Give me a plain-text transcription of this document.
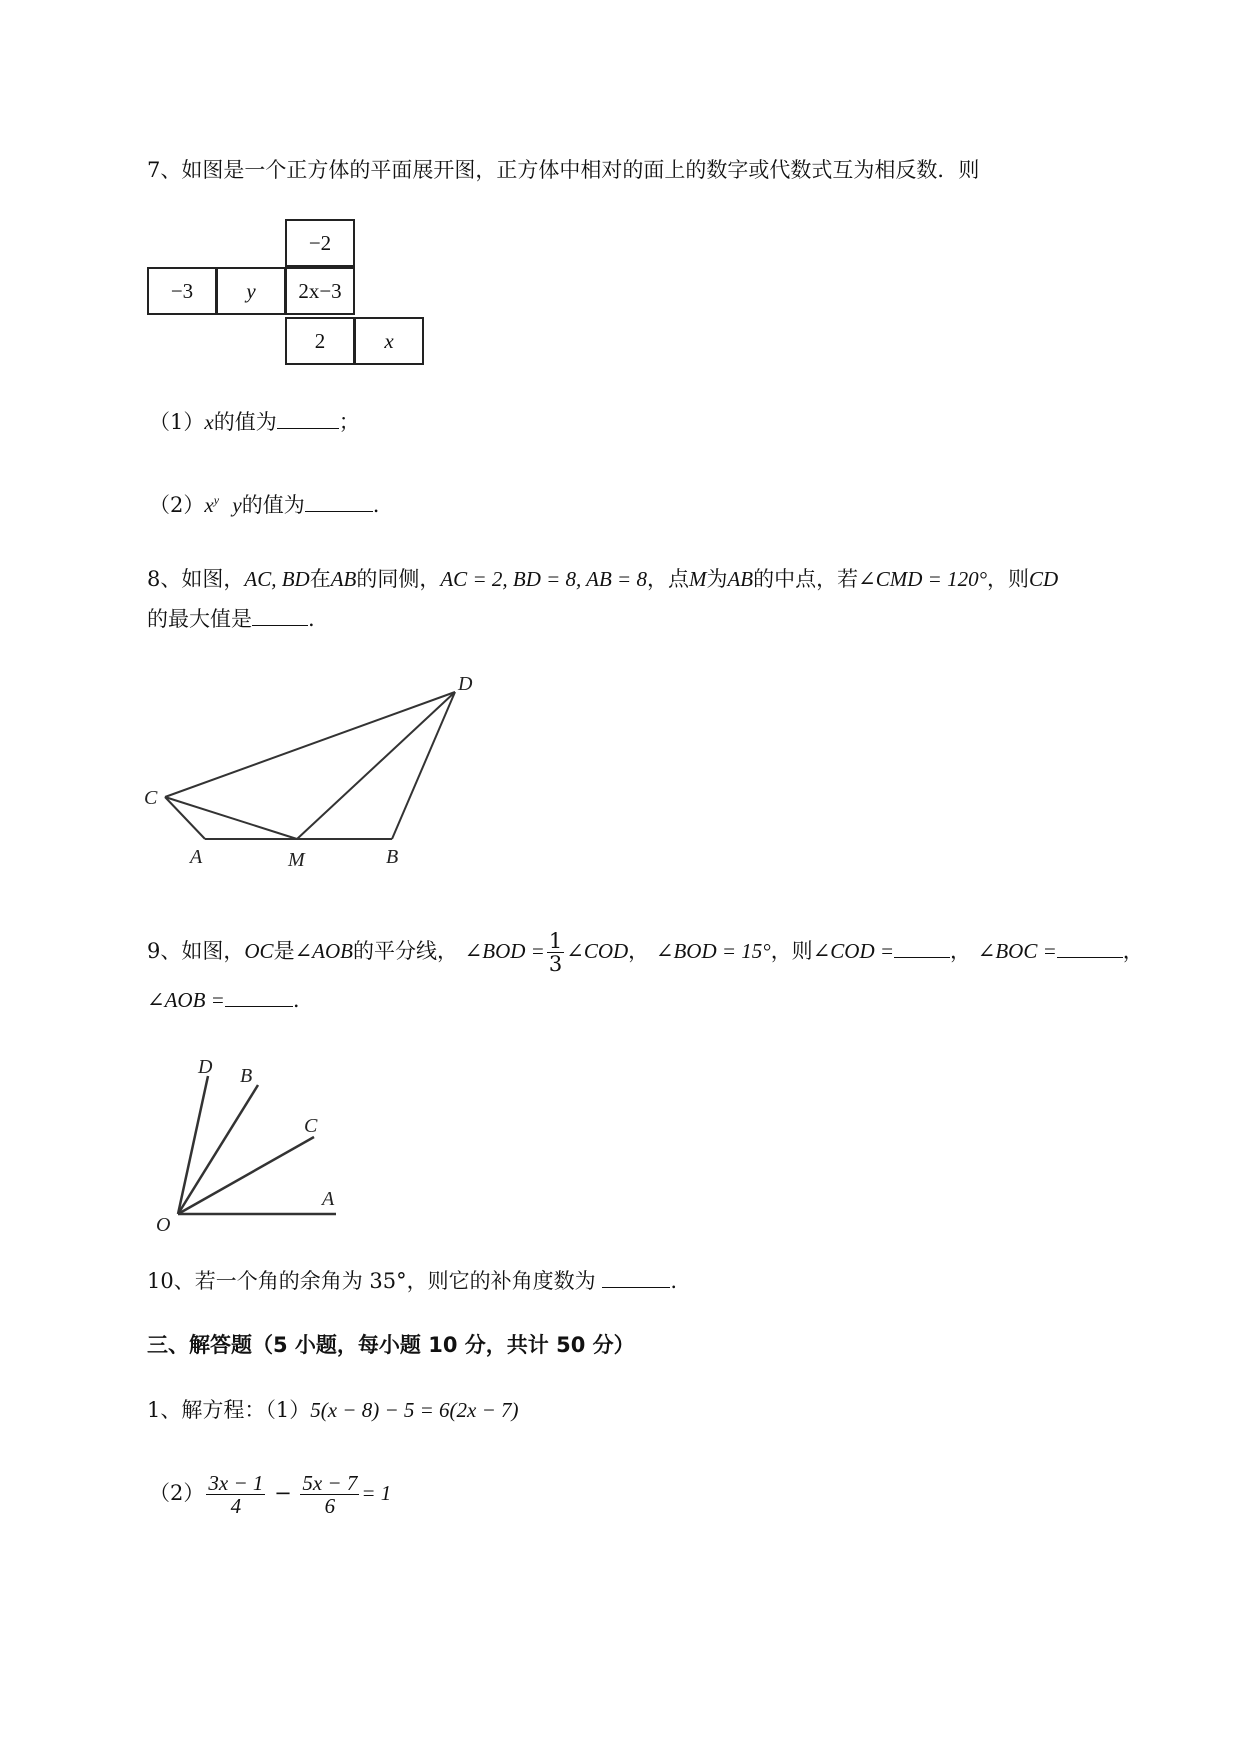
7、如图是一个正方体的平面展开图，正方体中相对的面上的数字或代数式互为相反数．则
−2
−3	y	2x−3
2	x
（1）x的值为	；
$(2)x^y$ y的值为	.
8、如图，AC, BD在AB的同侧，AC = 2, BD = 8, AB = 8，点M为AB的中点，若∠CMD = 120°，则CD
的最大值是	.
C
D
A	M	B
9、如图，OC是∠AOB的平分线， ∠BOD = $\frac{1}{3}$ ∠COD， ∠BOD = 15°，则∠COD =	， ∠BOC =	，
∠AOB =	.
D B
C
A
O
10、若一个角的余角为 35°，则它的补角度数为	.
三、解答题（5 小题，每小题 10 分，共计 50 分）
1、解方程：（1）5(x − 8) − 5 = 6(2x − 7)
$(2) \frac{3x - 1}{4} - \frac{5x - 7}{6} = 1$
